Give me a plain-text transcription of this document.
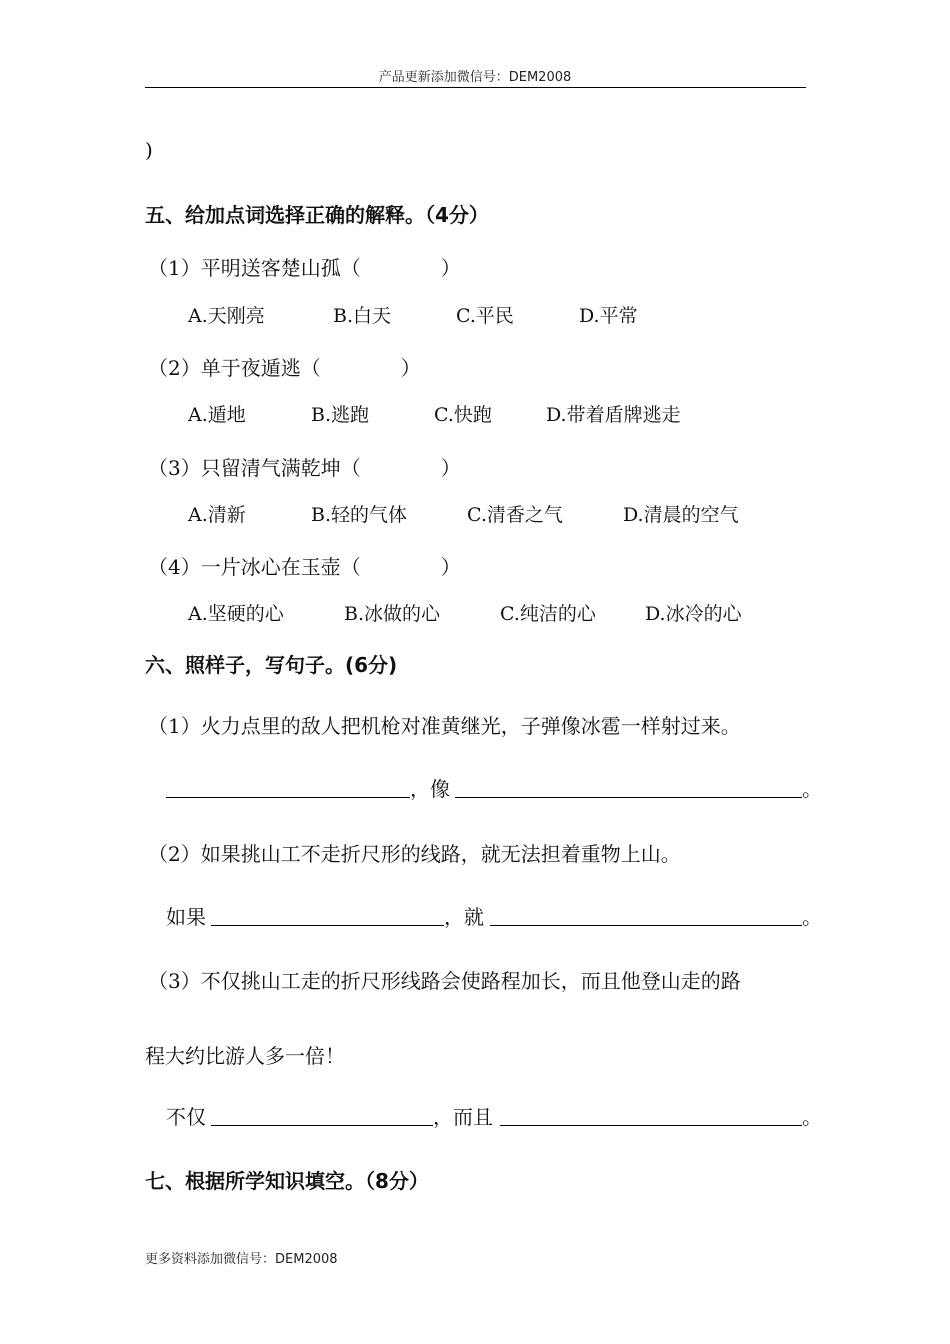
产品更新添加微信号：DEM2008
)
五、给加点词选择正确的解释。（4分）
（1）平明送客楚山孤（　　　　）
A.天刚亮	B.白天	C.平民	D.平常
（2）单于夜遁逃（　　　　）
A.遁地	B.逃跑	C.快跑	D.带着盾牌逃走
（3）只留清气满乾坤（　　　　）
A.清新	B.轻的气体	C.清香之气	D.清晨的空气
（4）一片冰心在玉壶（　　　　）
A.坚硬的心	B.冰做的心	C.纯洁的心	D.冰冷的心
六、照样子，写句子。(6分)
（1）火力点里的敌人把机枪对准黄继光，子弹像冰雹一样射过来。
，像	。
（2）如果挑山工不走折尺形的线路，就无法担着重物上山。
如果	，就	。
（3）不仅挑山工走的折尺形线路会使路程加长，而且他登山走的路
程大约比游人多一倍！
不仅	，而且	。
七、根据所学知识填空。（8分）
更多资料添加微信号：DEM2008
